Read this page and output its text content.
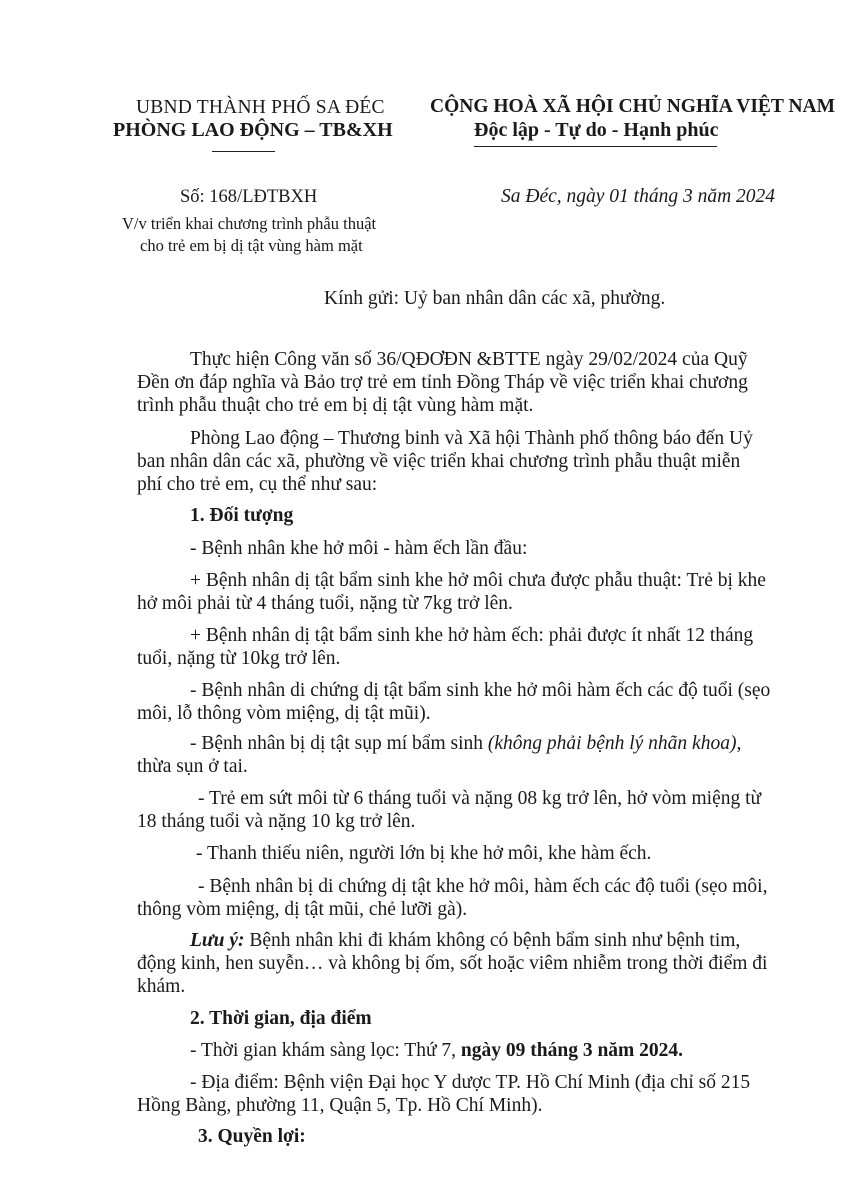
UBND THÀNH PHỐ SA ĐÉC
PHÒNG LAO ĐỘNG – TB&XH
CỘNG HOÀ XÃ HỘI CHỦ NGHĨA VIỆT NAM
Độc lập - Tự do - Hạnh phúc
Số: 168/LĐTBXH	Sa Đéc, ngày 01 tháng 3 năm 2024
V/v triển khai chương trình phẫu thuật
cho trẻ em bị dị tật vùng hàm mặt
Kính gửi: Uỷ ban nhân dân các xã, phường.
Thực hiện Công văn số 36/QĐƠĐN &BTTE ngày 29/02/2024 của Quỹ
Đền ơn đáp nghĩa và Bảo trợ trẻ em tỉnh Đồng Tháp về việc triển khai chương
trình phẫu thuật cho trẻ em bị dị tật vùng hàm mặt.
Phòng Lao động – Thương binh và Xã hội Thành phố thông báo đến Uỷ
ban nhân dân các xã, phường về việc triển khai chương trình phẫu thuật miễn
phí cho trẻ em, cụ thể như sau:
1. Đối tượng
- Bệnh nhân khe hở môi - hàm ếch lần đầu:
+ Bệnh nhân dị tật bẩm sinh khe hở môi chưa được phẫu thuật: Trẻ bị khe
hở môi phải từ 4 tháng tuổi, nặng từ 7kg trở lên.
+ Bệnh nhân dị tật bẩm sinh khe hở hàm ếch: phải được ít nhất 12 tháng
tuổi, nặng từ 10kg trở lên.
- Bệnh nhân di chứng dị tật bẩm sinh khe hở môi hàm ếch các độ tuổi (sẹo
môi, lỗ thông vòm miệng, dị tật mũi).
- Bệnh nhân bị dị tật sụp mí bẩm sinh (không phải bệnh lý nhãn khoa),
thừa sụn ở tai.
- Trẻ em sứt môi từ 6 tháng tuổi và nặng 08 kg trở lên, hở vòm miệng từ
18 tháng tuổi và nặng 10 kg trở lên.
- Thanh thiếu niên, người lớn bị khe hở môi, khe hàm ếch.
- Bệnh nhân bị di chứng dị tật khe hở môi, hàm ếch các độ tuổi (sẹo môi,
thông vòm miệng, dị tật mũi, chẻ lưỡi gà).
Lưu ý: Bệnh nhân khi đi khám không có bệnh bẩm sinh như bệnh tim,
động kinh, hen suyễn… và không bị ốm, sốt hoặc viêm nhiễm trong thời điểm đi
khám.
2. Thời gian, địa điểm
- Thời gian khám sàng lọc: Thứ 7, ngày 09 tháng 3 năm 2024.
- Địa điểm: Bệnh viện Đại học Y dược TP. Hồ Chí Minh (địa chỉ số 215
Hồng Bàng, phường 11, Quận 5, Tp. Hồ Chí Minh).
3. Quyền lợi:
